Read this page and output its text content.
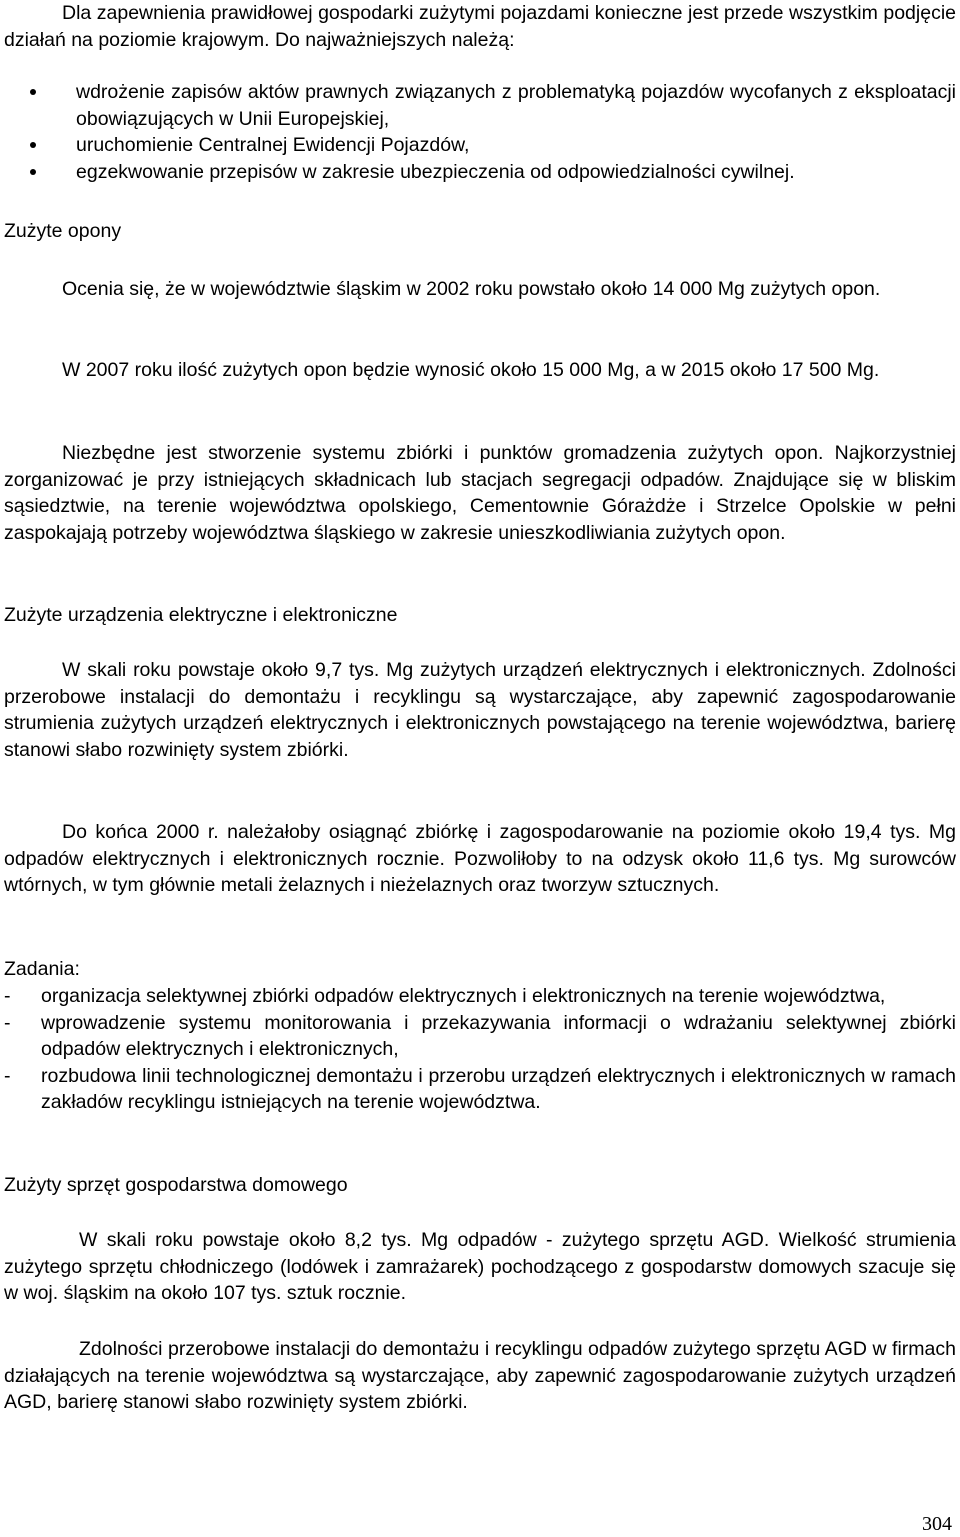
Dla zapewnienia prawidłowej gospodarki zużytymi pojazdami konieczne jest przede wszystkim podjęcie działań na poziomie krajowym. Do najważniejszych należą:

wdrożenie zapisów aktów prawnych związanych z problematyką pojazdów wycofanych z eksploatacji obowiązujących w Unii Europejskiej,
uruchomienie Centralnej Ewidencji Pojazdów,
egzekwowanie przepisów w zakresie ubezpieczenia od odpowiedzialności cywilnej.
Zużyte opony

Ocenia się, że w województwie śląskim w 2002 roku powstało około 14 000 Mg zużytych opon.

W 2007 roku ilość zużytych opon będzie wynosić około 15 000 Mg, a w 2015 około 17 500 Mg.

Niezbędne jest stworzenie systemu zbiórki i punktów gromadzenia zużytych opon. Najkorzystniej zorganizować je przy istniejących składnicach lub stacjach segregacji odpadów. Znajdujące się w bliskim sąsiedztwie, na terenie województwa opolskiego, Cementownie Górażdże i Strzelce Opolskie w pełni zaspokajają potrzeby województwa śląskiego w zakresie unieszkodliwiania zużytych opon.

Zużyte urządzenia elektryczne i elektroniczne

W skali roku powstaje około 9,7 tys. Mg zużytych urządzeń elektrycznych i elektronicznych. Zdolności przerobowe instalacji do demontażu i recyklingu są wystarczające, aby zapewnić zagospodarowanie strumienia zużytych urządzeń elektrycznych i elektronicznych powstającego na terenie województwa, barierę stanowi słabo rozwinięty system zbiórki.

Do końca 2000 r. należałoby osiągnąć zbiórkę i zagospodarowanie na poziomie około 19,4 tys. Mg odpadów elektrycznych i elektronicznych rocznie. Pozwoliłoby to na odzysk około 11,6 tys. Mg surowców wtórnych, w tym głównie metali żelaznych i nieżelaznych oraz tworzyw sztucznych.

Zadania:
- organizacja selektywnej zbiórki odpadów elektrycznych i elektronicznych na terenie województwa,
- wprowadzenie systemu monitorowania i przekazywania informacji o wdrażaniu selektywnej zbiórki odpadów elektrycznych i elektronicznych,
- rozbudowa linii technologicznej demontażu i przerobu urządzeń elektrycznych i elektronicznych w ramach zakładów recyklingu istniejących na terenie województwa.
Zużyty sprzęt gospodarstwa domowego

W skali roku powstaje około 8,2 tys. Mg odpadów - zużytego sprzętu AGD. Wielkość strumienia zużytego sprzętu chłodniczego (lodówek i zamrażarek) pochodzącego z gospodarstw domowych szacuje się w woj. śląskim na około 107 tys. sztuk rocznie.

Zdolności przerobowe instalacji do demontażu i recyklingu odpadów zużytego sprzętu AGD w firmach działających na terenie województwa są wystarczające, aby zapewnić zagospodarowanie zużytych urządzeń AGD, barierę stanowi słabo rozwinięty system zbiórki.

304
